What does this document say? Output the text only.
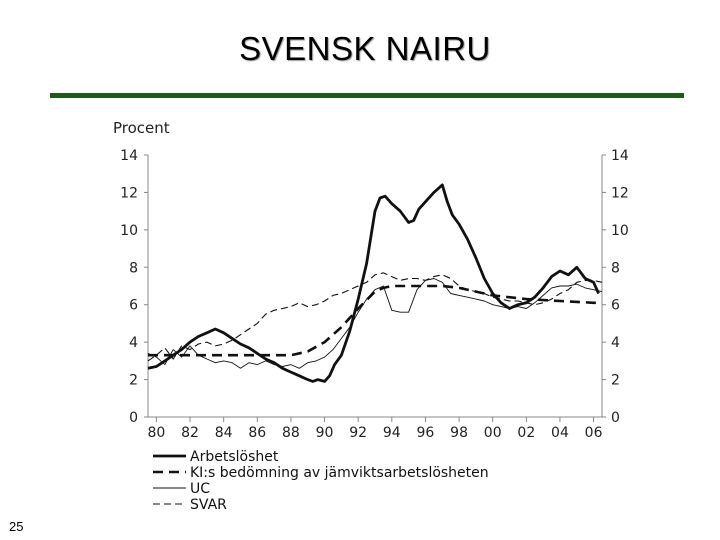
SVENSK NAIRU
25
Procent
0	0
2	2
4	4
6	6
8	8
10	10
12	12
14	14
80 82 84 86 88 90 92 94 96 98 00 02 04 06
Arbetslöshet
KI:s bedömning av jämviktsarbetslösheten
UC
SVAR
